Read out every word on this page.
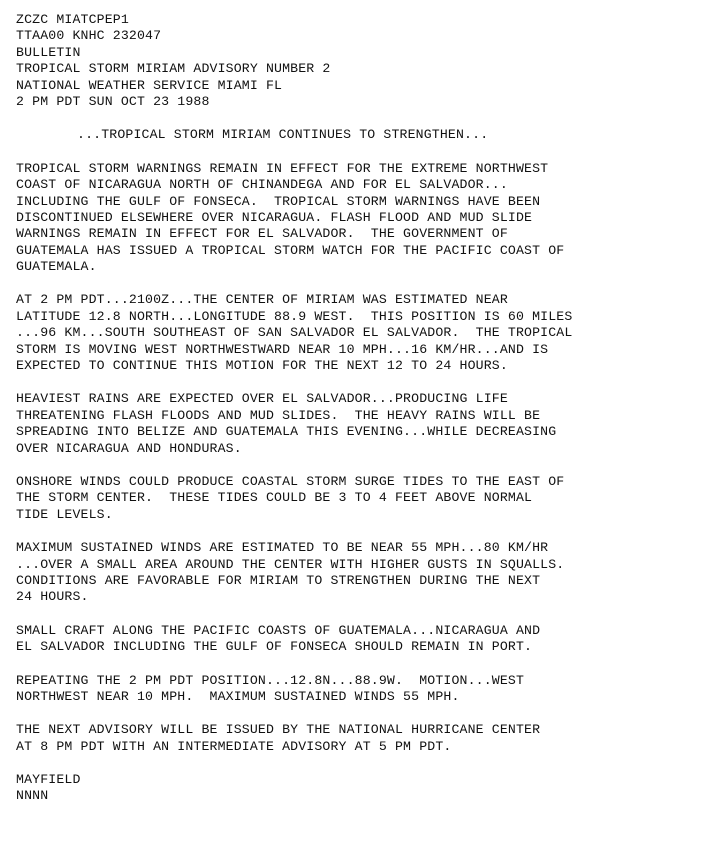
ZCZC MIATCPEP1
TTAA00 KNHC 232047
BULLETIN
TROPICAL STORM MIRIAM ADVISORY NUMBER 2
NATIONAL WEATHER SERVICE MIAMI FL
2 PM PDT SUN OCT 23 1988
...TROPICAL STORM MIRIAM CONTINUES TO STRENGTHEN...
TROPICAL STORM WARNINGS REMAIN IN EFFECT FOR THE EXTREME NORTHWEST
COAST OF NICARAGUA NORTH OF CHINANDEGA AND FOR EL SALVADOR...
INCLUDING THE GULF OF FONSECA.  TROPICAL STORM WARNINGS HAVE BEEN
DISCONTINUED ELSEWHERE OVER NICARAGUA. FLASH FLOOD AND MUD SLIDE
WARNINGS REMAIN IN EFFECT FOR EL SALVADOR.  THE GOVERNMENT OF
GUATEMALA HAS ISSUED A TROPICAL STORM WATCH FOR THE PACIFIC COAST OF
GUATEMALA.
AT 2 PM PDT...2100Z...THE CENTER OF MIRIAM WAS ESTIMATED NEAR
LATITUDE 12.8 NORTH...LONGITUDE 88.9 WEST.  THIS POSITION IS 60 MILES
...96 KM...SOUTH SOUTHEAST OF SAN SALVADOR EL SALVADOR.  THE TROPICAL
STORM IS MOVING WEST NORTHWESTWARD NEAR 10 MPH...16 KM/HR...AND IS
EXPECTED TO CONTINUE THIS MOTION FOR THE NEXT 12 TO 24 HOURS.
HEAVIEST RAINS ARE EXPECTED OVER EL SALVADOR...PRODUCING LIFE
THREATENING FLASH FLOODS AND MUD SLIDES.  THE HEAVY RAINS WILL BE
SPREADING INTO BELIZE AND GUATEMALA THIS EVENING...WHILE DECREASING
OVER NICARAGUA AND HONDURAS.
ONSHORE WINDS COULD PRODUCE COASTAL STORM SURGE TIDES TO THE EAST OF
THE STORM CENTER.  THESE TIDES COULD BE 3 TO 4 FEET ABOVE NORMAL
TIDE LEVELS.
MAXIMUM SUSTAINED WINDS ARE ESTIMATED TO BE NEAR 55 MPH...80 KM/HR
...OVER A SMALL AREA AROUND THE CENTER WITH HIGHER GUSTS IN SQUALLS.
CONDITIONS ARE FAVORABLE FOR MIRIAM TO STRENGTHEN DURING THE NEXT
24 HOURS.
SMALL CRAFT ALONG THE PACIFIC COASTS OF GUATEMALA...NICARAGUA AND
EL SALVADOR INCLUDING THE GULF OF FONSECA SHOULD REMAIN IN PORT.
REPEATING THE 2 PM PDT POSITION...12.8N...88.9W.  MOTION...WEST
NORTHWEST NEAR 10 MPH.  MAXIMUM SUSTAINED WINDS 55 MPH.
THE NEXT ADVISORY WILL BE ISSUED BY THE NATIONAL HURRICANE CENTER
AT 8 PM PDT WITH AN INTERMEDIATE ADVISORY AT 5 PM PDT.
MAYFIELD
NNNN
